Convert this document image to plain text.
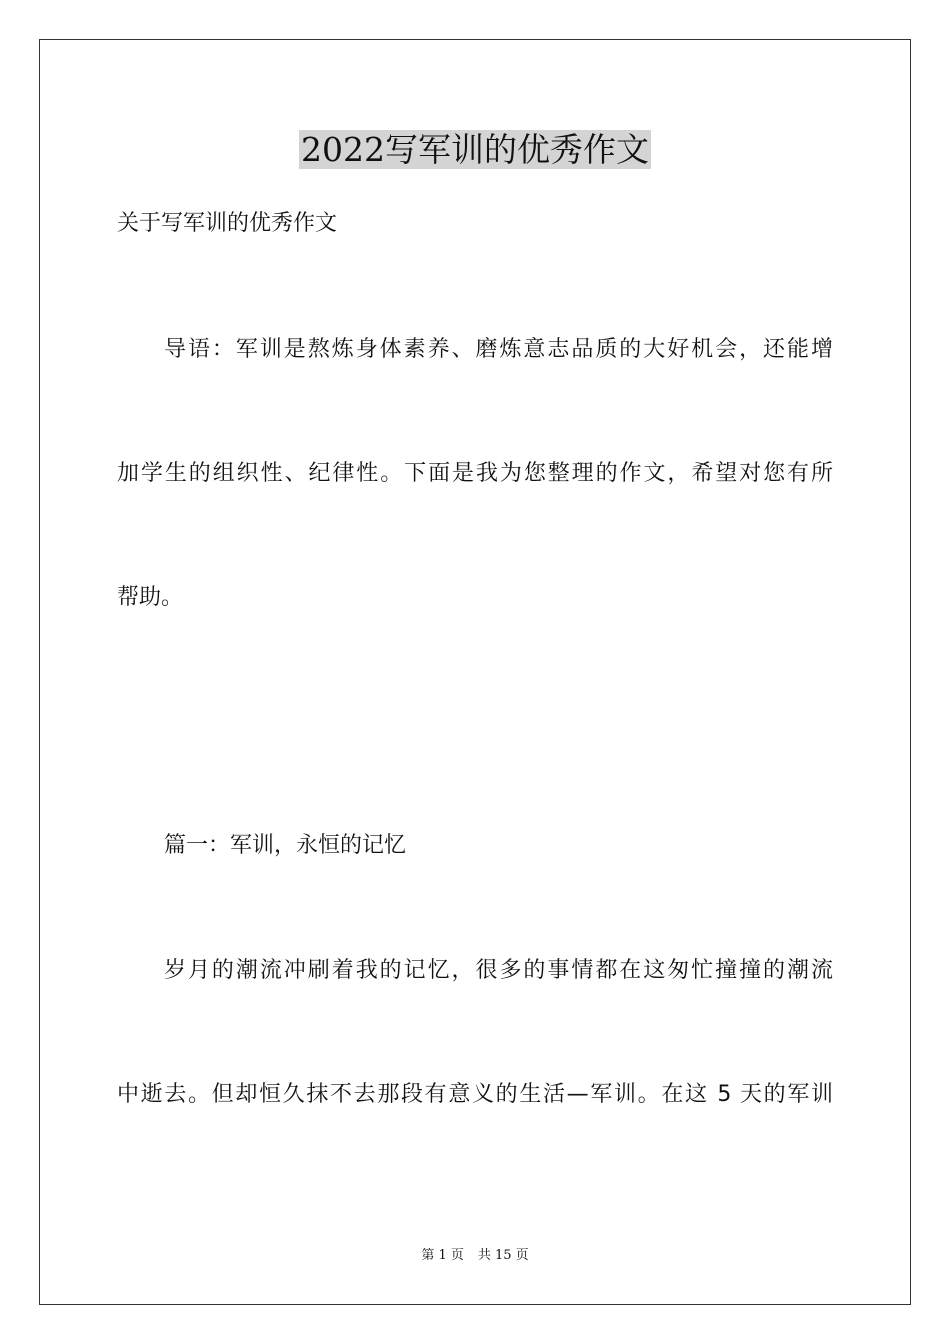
2022写军训的优秀作文
关于写军训的优秀作文
导语：军训是熬炼身体素养、磨炼意志品质的大好机会，还能增
加学生的组织性、纪律性。下面是我为您整理的作文，希望对您有所
帮助。
篇一：军训，永恒的记忆
岁月的潮流冲刷着我的记忆，很多的事情都在这匆忙撞撞的潮流
中逝去。但却恒久抹不去那段有意义的生活—军训。在这 5 天的军训
第 1 页 共 15 页
